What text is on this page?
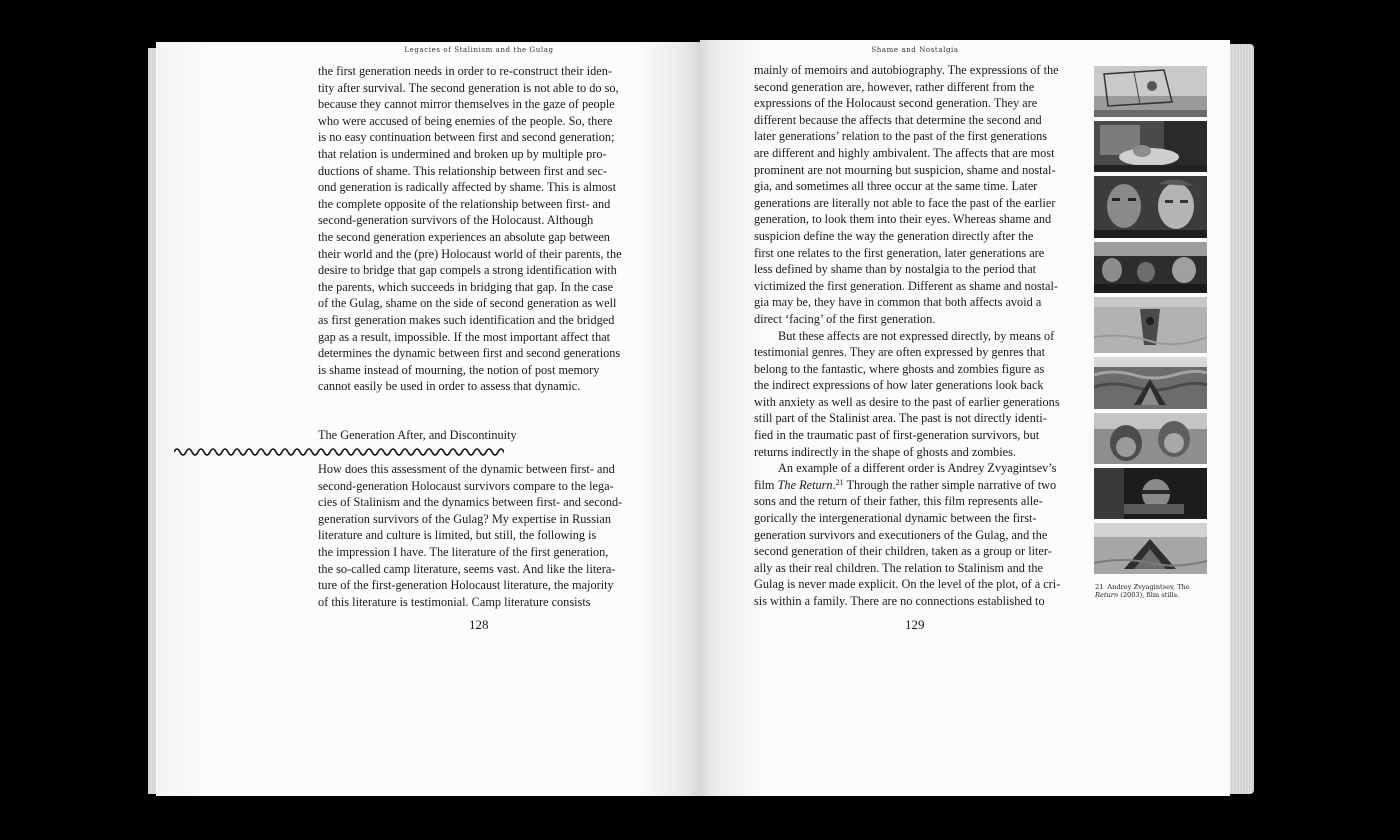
Legacies of Stalinism and the Gulag	Shame and Nostalgia
the first generation needs in order to re-construct their iden-
tity after survival. The second generation is not able to do so,
because they cannot mirror themselves in the gaze of people
who were accused of being enemies of the people. So, there
is no easy continuation between first and second generation;
that relation is undermined and broken up by multiple pro-
ductions of shame. This relationship between first and sec-
ond generation is radically affected by shame. This is almost
the complete opposite of the relationship between first- and
second-generation survivors of the Holocaust. Although
the second generation experiences an absolute gap between
their world and the (pre) Holocaust world of their parents, the
desire to bridge that gap compels a strong identification with
the parents, which succeeds in bridging that gap. In the case
of the Gulag, shame on the side of second generation as well
as first generation makes such identification and the bridged
gap as a result, impossible. If the most important affect that
determines the dynamic between first and second generations
is shame instead of mourning, the notion of post memory
cannot easily be used in order to assess that dynamic.
The Generation After, and Discontinuity
How does this assessment of the dynamic between first- and
second-generation Holocaust survivors compare to the lega-
cies of Stalinism and the dynamics between first- and second-
generation survivors of the Gulag? My expertise in Russian
literature and culture is limited, but still, the following is
the impression I have. The literature of the first generation,
the so-called camp literature, seems vast. And like the litera-
ture of the first-generation Holocaust literature, the majority
of this literature is testimonial. Camp literature consists
128
mainly of memoirs and autobiography. The expressions of the
second generation are, however, rather different from the
expressions of the Holocaust second generation. They are
different because the affects that determine the second and
later generations’ relation to the past of the first generations
are different and highly ambivalent. The affects that are most
prominent are not mourning but suspicion, shame and nostal-
gia, and sometimes all three occur at the same time. Later
generations are literally not able to face the past of the earlier
generation, to look them into their eyes. Whereas shame and
suspicion define the way the generation directly after the
first one relates to the first generation, later generations are
less defined by shame than by nostalgia to the period that
victimized the first generation. Different as shame and nostal-
gia may be, they have in common that both affects avoid a
direct ‘facing’ of the first generation.
But these affects are not expressed directly, by means of
testimonial genres. They are often expressed by genres that
belong to the fantastic, where ghosts and zombies figure as
the indirect expressions of how later generations look back
with anxiety as well as desire to the past of earlier generations
still part of the Stalinist area. The past is not directly identi-
fied in the traumatic past of first-generation survivors, but
returns indirectly in the shape of ghosts and zombies.
An example of a different order is Andrey Zvyagintsev’s
film The Return.$^{21}$ Through the rather simple narrative of two
sons and the return of their father, this film represents alle-
gorically the intergenerational dynamic between the first-
generation survivors and executioners of the Gulag, and the
second generation of their children, taken as a group or liter-
ally as their real children. The relation to Stalinism and the
Gulag is never made explicit. On the level of the plot, of a cri-
sis within a family. There are no connections established to
129
21 Andrey Zvyagintsev, The
Return (2003), film stills.
